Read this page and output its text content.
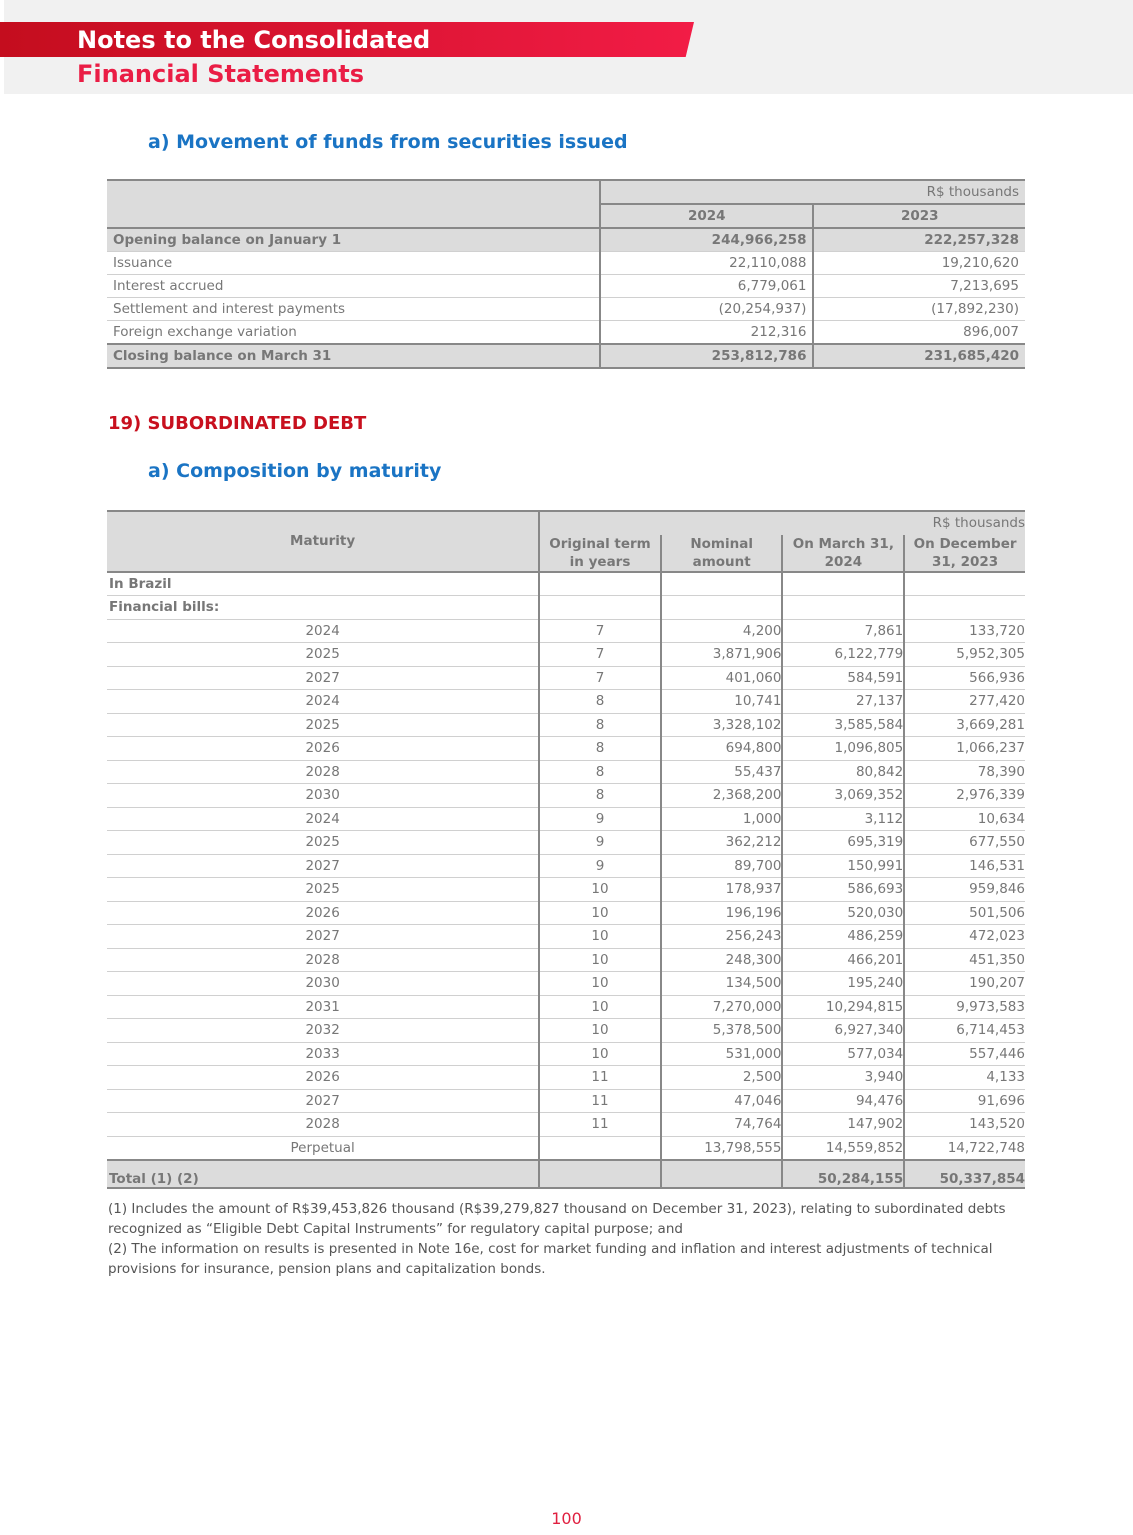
Notes to the Consolidated
Financial Statements
a) Movement of funds from securities issued
	R$ thousands	
	2024	2023
Opening balance on January 1	244,966,258	222,257,328
Issuance	22,110,088	19,210,620
Interest accrued	6,779,061	7,213,695
Settlement and interest payments	(20,254,937)	(17,892,230)
Foreign exchange variation	212,316	896,007
Closing balance on March 31	253,812,786	231,685,420
19) SUBORDINATED DEBT
a) Composition by maturity
Maturity	R$ thousands			
	Original term in years	Nominal amount	On March 31, 2024	On December 31, 2023
In Brazil				
Financial bills:				
2024	7	4,200	7,861	133,720
2025	7	3,871,906	6,122,779	5,952,305
2027	7	401,060	584,591	566,936
2024	8	10,741	27,137	277,420
2025	8	3,328,102	3,585,584	3,669,281
2026	8	694,800	1,096,805	1,066,237
2028	8	55,437	80,842	78,390
2030	8	2,368,200	3,069,352	2,976,339
2024	9	1,000	3,112	10,634
2025	9	362,212	695,319	677,550
2027	9	89,700	150,991	146,531
2025	10	178,937	586,693	959,846
2026	10	196,196	520,030	501,506
2027	10	256,243	486,259	472,023
2028	10	248,300	466,201	451,350
2030	10	134,500	195,240	190,207
2031	10	7,270,000	10,294,815	9,973,583
2032	10	5,378,500	6,927,340	6,714,453
2033	10	531,000	577,034	557,446
2026	11	2,500	3,940	4,133
2027	11	47,046	94,476	91,696
2028	11	74,764	147,902	143,520
Perpetual		13,798,555	14,559,852	14,722,748
Total (1) (2)			50,284,155	50,337,854
(1) Includes the amount of R$39,453,826 thousand (R$39,279,827 thousand on December 31, 2023), relating to subordinated debts recognized as “Eligible Debt Capital Instruments” for regulatory capital purpose; and
(2) The information on results is presented in Note 16e, cost for market funding and inflation and interest adjustments of technical provisions for insurance, pension plans and capitalization bonds.
100
